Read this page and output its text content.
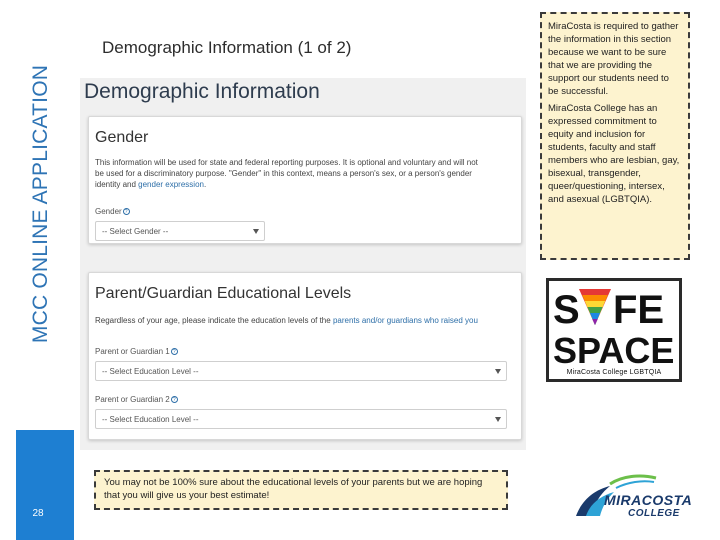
MCC ONLINE APPLICATION
28
Demographic Information (1 of 2)
Demographic Information
Gender
This information will be used for state and federal reporting purposes. It is optional and voluntary and will not be used for a discriminatory purpose. "Gender" in this context, means a person's sex, or a person's gender identity and gender expression.
Gender ?
-- Select Gender --
Parent/Guardian Educational Levels
Regardless of your age, please indicate the education levels of the parents and/or guardians who raised you
Parent or Guardian 1 ?
-- Select Education Level --
Parent or Guardian 2 ?
-- Select Education Level --
You may not be 100% sure about the educational levels of your parents but we are hoping that you will give us your best estimate!

MiraCosta is required to gather the information in this section because we want to be sure that we are providing the support our students need to be successful.

MiraCosta College has an expressed commitment to equity and inclusion for students, faculty and staff members who are lesbian, gay, bisexual, transgender, queer/questioning, intersex, and asexual (LGBTQIA).

S FE
SPACE
MiraCosta College LGBTQIA
MIRACOSTA
COLLEGE
